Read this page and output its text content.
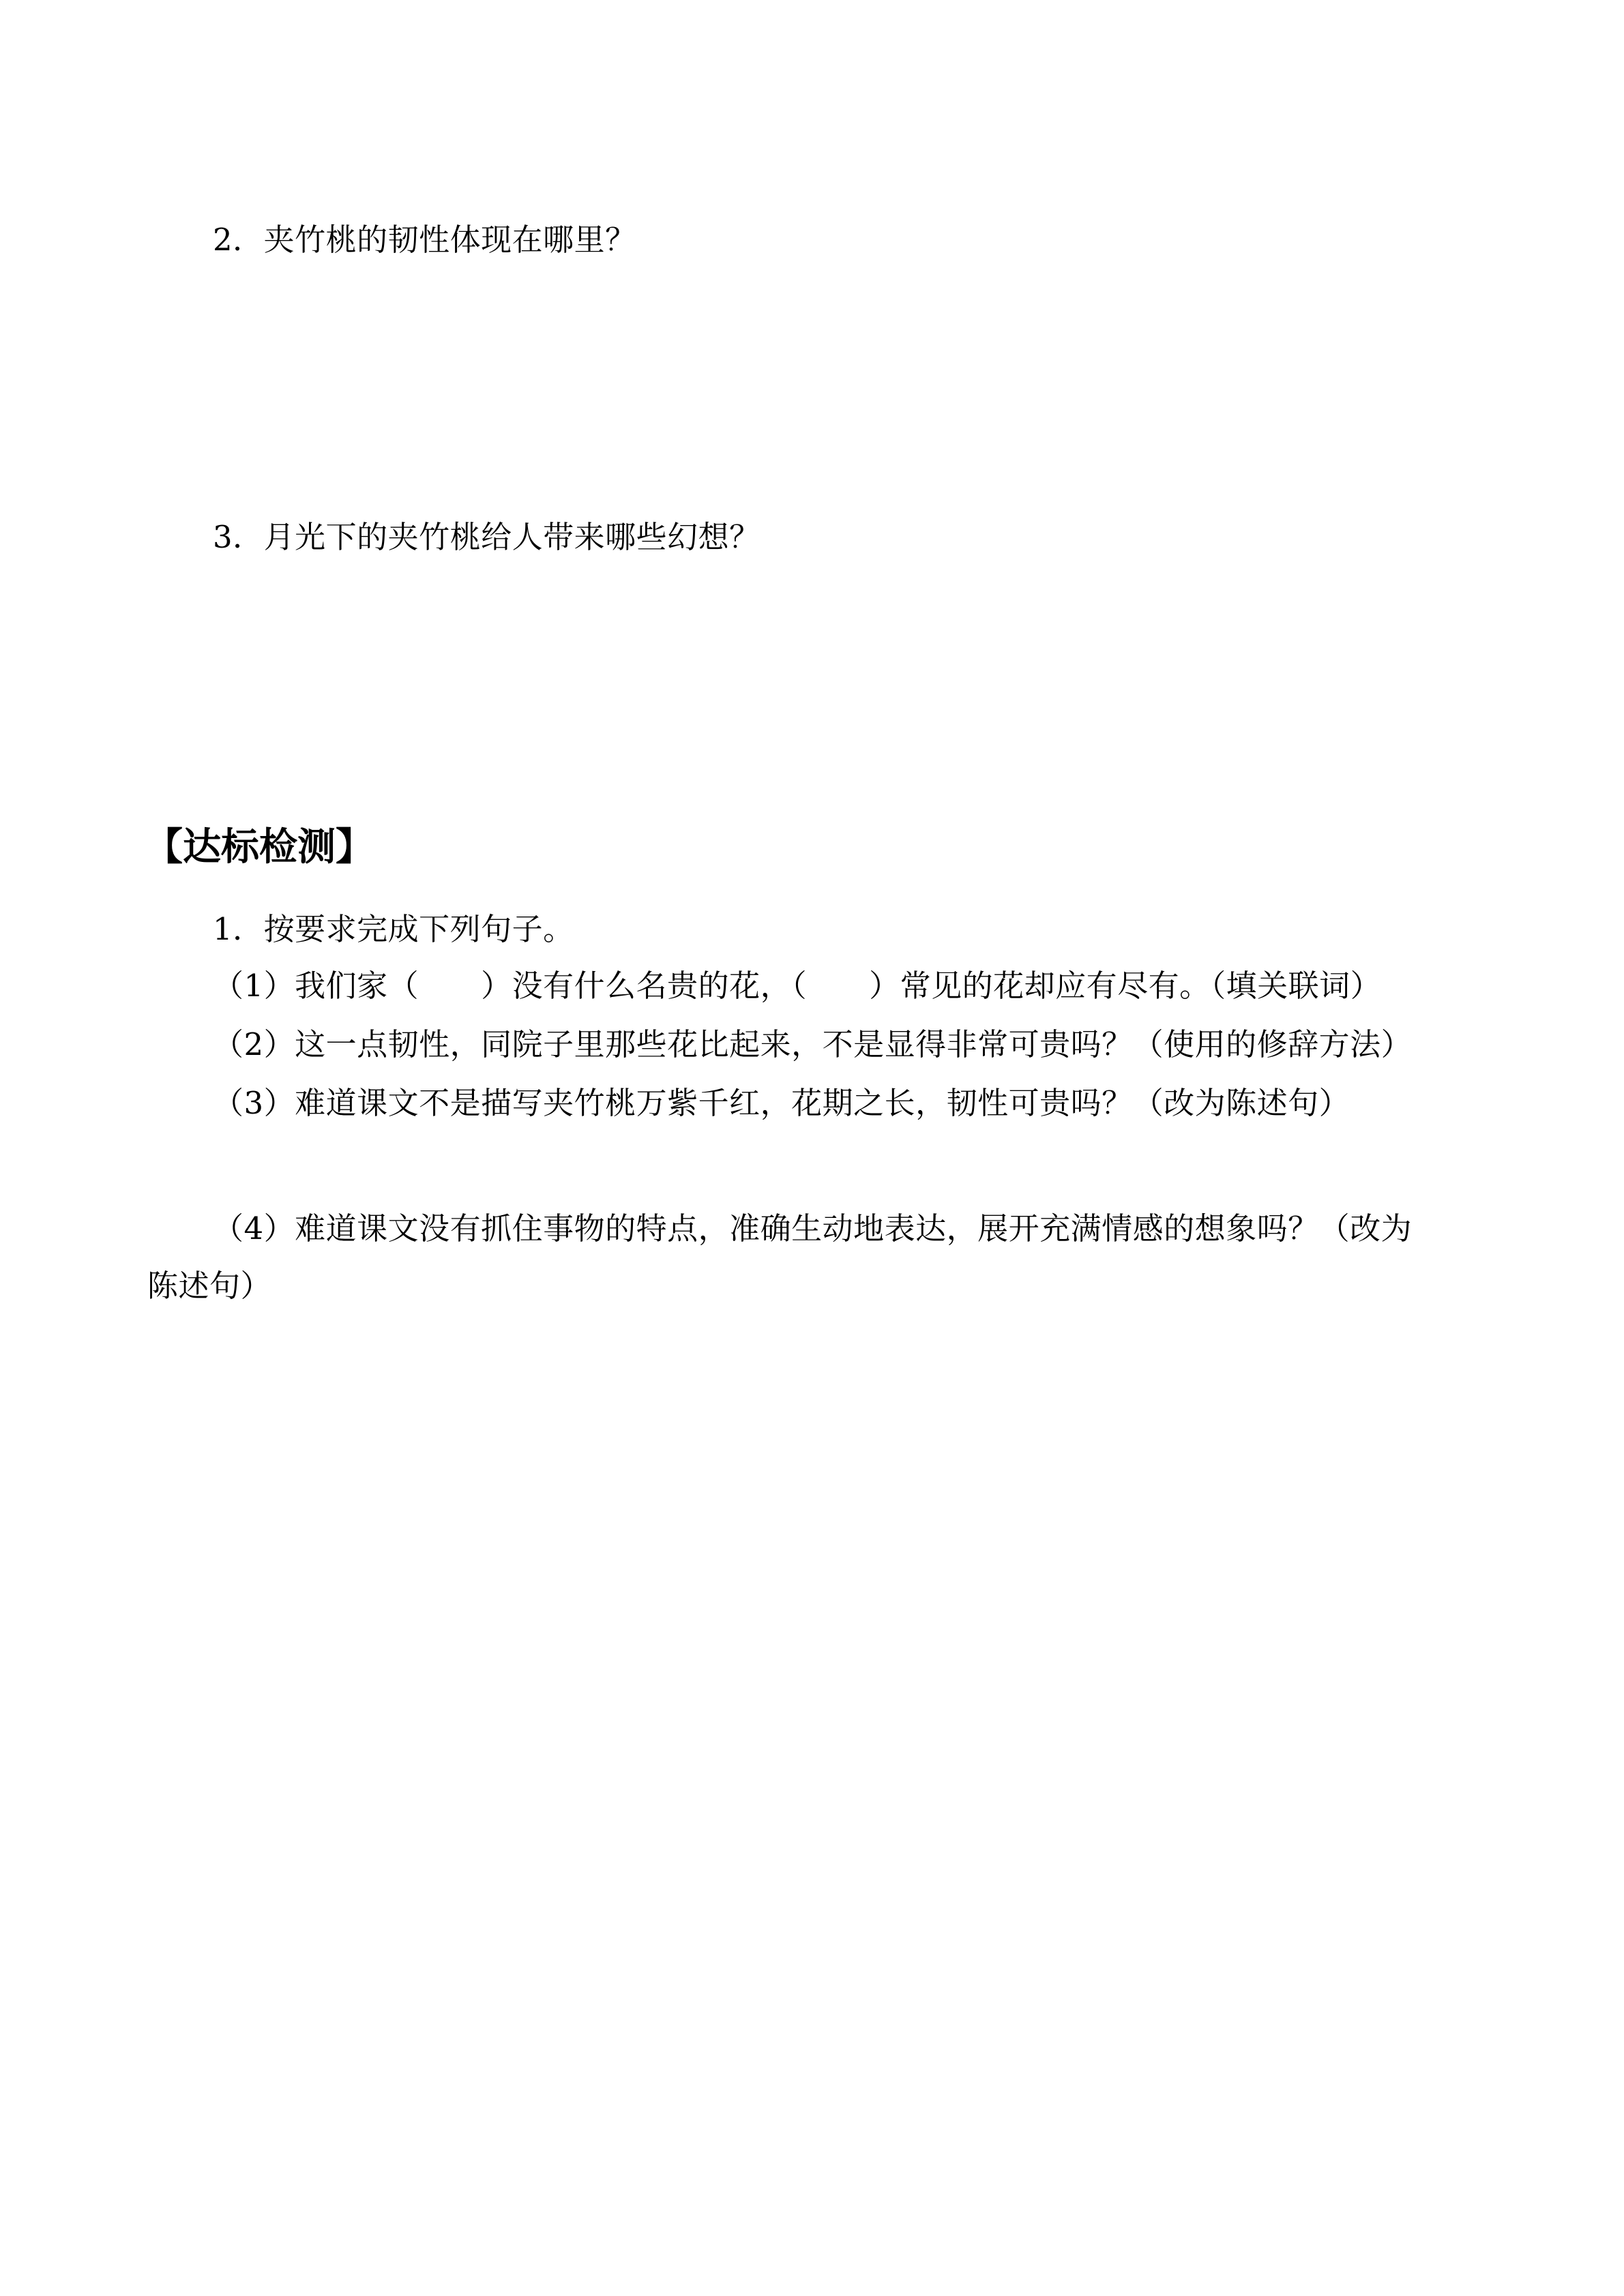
2．夹竹桃的韧性体现在哪里？
3．月光下的夹竹桃给人带来哪些幻想？
【达标检测】
1．按要求完成下列句子。
（1）我们家（　　）没有什么名贵的花，（　　）常见的花却应有尽有。（填关联词）
（2）这一点韧性，同院子里那些花比起来，不是显得非常可贵吗？（使用的修辞方法）
（3）难道课文不是描写夹竹桃万紫千红，花期之长，韧性可贵吗？（改为陈述句）
（4）难道课文没有抓住事物的特点，准确生动地表达，展开充满情感的想象吗？（改为
陈述句）
